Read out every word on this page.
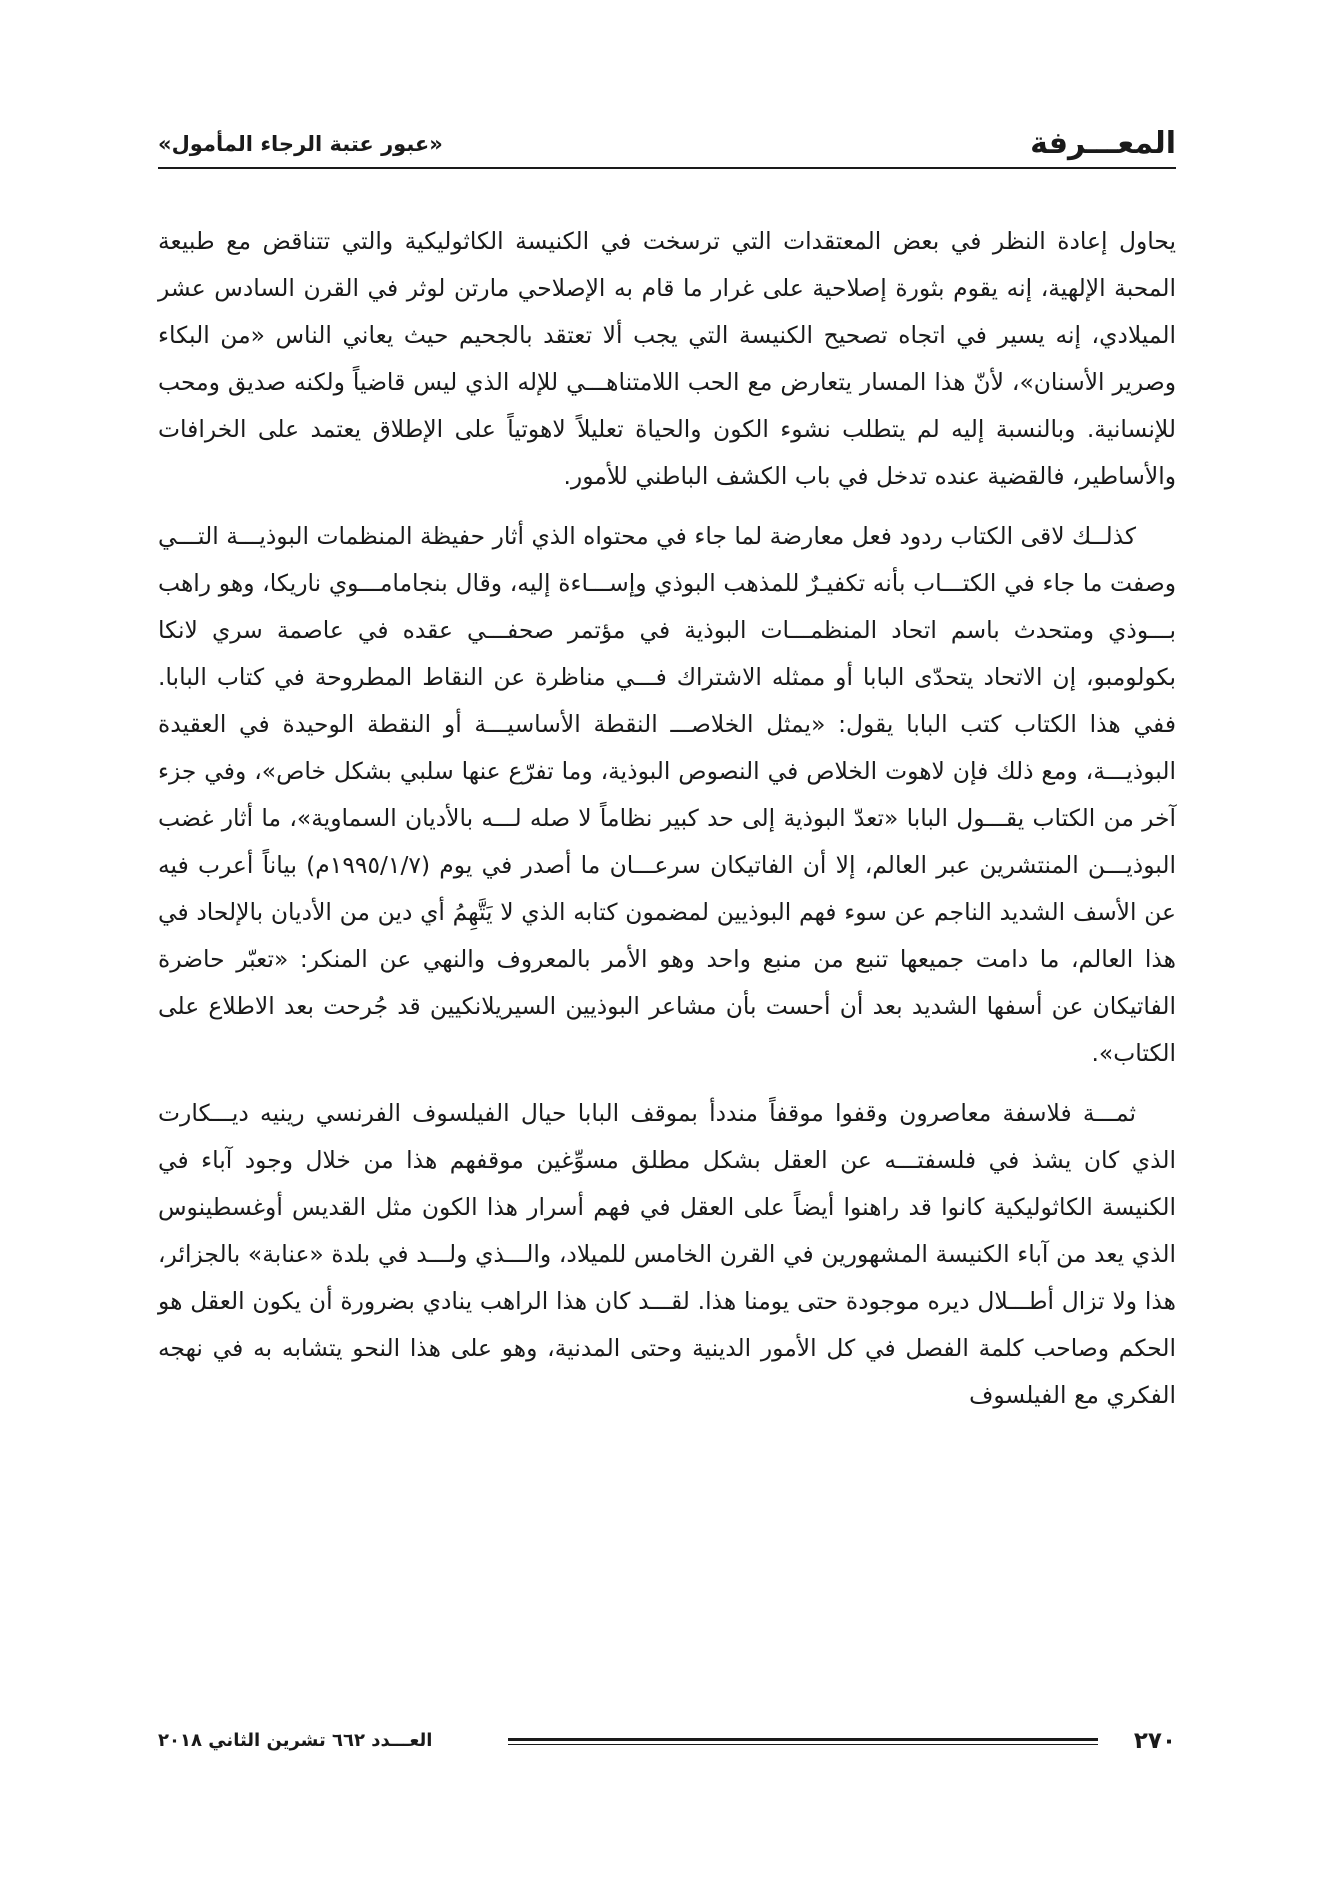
المعـــرفة
«عبور عتبة الرجاء المأمول»

يحاول إعادة النظر في بعض المعتقدات التي ترسخت في الكنيسة الكاثوليكية والتي تتناقض مع طبيعة المحبة الإلهية، إنه يقوم بثورة إصلاحية على غرار ما قام به الإصلاحي مارتن لوثر في القرن السادس عشر الميلادي، إنه يسير في اتجاه تصحيح الكنيسة التي يجب ألا تعتقد بالجحيم حيث يعاني الناس «من البكاء وصرير الأسنان»، لأنّ هذا المسار يتعارض مع الحب اللامتناهـــي للإله الذي ليس قاضياً ولكنه صديق ومحب للإنسانية. وبالنسبة إليه لم يتطلب نشوء الكون والحياة تعليلاً لاهوتياً على الإطلاق يعتمد على الخرافات والأساطير، فالقضية عنده تدخل في باب الكشف الباطني للأمور.

كذلــك لاقى الكتاب ردود فعل معارضة لما جاء في محتواه الذي أثار حفيظة المنظمات البوذيـــة التـــي وصفت ما جاء في الكتـــاب بأنه تكفيـرٌ للمذهب البوذي وإســـاءة إليه، وقال بنجامامـــوي ناريكا، وهو راهب بـــوذي ومتحدث باسم اتحاد المنظمـــات البوذية في مؤتمر صحفـــي عقده في عاصمة سري لانكا بكولومبو، إن الاتحاد يتحدّى البابا أو ممثله الاشتراك فـــي مناظرة عن النقاط المطروحة في كتاب البابا. ففي هذا الكتاب كتب البابا يقول: «يمثل الخلاصـــ النقطة الأساسيـــة أو النقطة الوحيدة في العقيدة البوذيـــة، ومع ذلك فإن لاهوت الخلاص في النصوص البوذية، وما تفرّع عنها سلبي بشكل خاص»، وفي جزء آخر من الكتاب يقـــول البابا «تعدّ البوذية إلى حد كبير نظاماً لا صله لـــه بالأديان السماوية»، ما أثار غضب البوذيـــن المنتشرين عبر العالم، إلا أن الفاتيكان سرعـــان ما أصدر في يوم (١٩٩٥/١/٧م) بياناً أعرب فيه عن الأسف الشديد الناجم عن سوء فهم البوذيين لمضمون كتابه الذي لا يَتَّهِمُ أي دين من الأديان بالإلحاد في هذا العالم، ما دامت جميعها تنبع من منبع واحد وهو الأمر بالمعروف والنهي عن المنكر: «تعبّر حاضرة الفاتيكان عن أسفها الشديد بعد أن أحست بأن مشاعر البوذيين السيريلانكيين قد جُرحت بعد الاطلاع على الكتاب».

ثمـــة فلاسفة معاصرون وقفوا موقفاً منددأ بموقف البابا حيال الفيلسوف الفرنسي رينيه ديـــكارت الذي كان يشذ في فلسفتـــه عن العقل بشكل مطلق مسوِّغين موقفهم هذا من خلال وجود آباء في الكنيسة الكاثوليكية كانوا قد راهنوا أيضاً على العقل في فهم أسرار هذا الكون مثل القديس أوغسطينوس الذي يعد من آباء الكنيسة المشهورين في القرن الخامس للميلاد، والـــذي ولـــد في بلدة «عنابة» بالجزائر، هذا ولا تزال أطـــلال ديره موجودة حتى يومنا هذا. لقـــد كان هذا الراهب ينادي بضرورة أن يكون العقل هو الحكم وصاحب كلمة الفصل في كل الأمور الدينية وحتى المدنية، وهو على هذا النحو يتشابه به في نهجه الفكري مع الفيلسوف

٢٧٠
العـــدد ٦٦٢ تشرين الثاني ٢٠١٨
